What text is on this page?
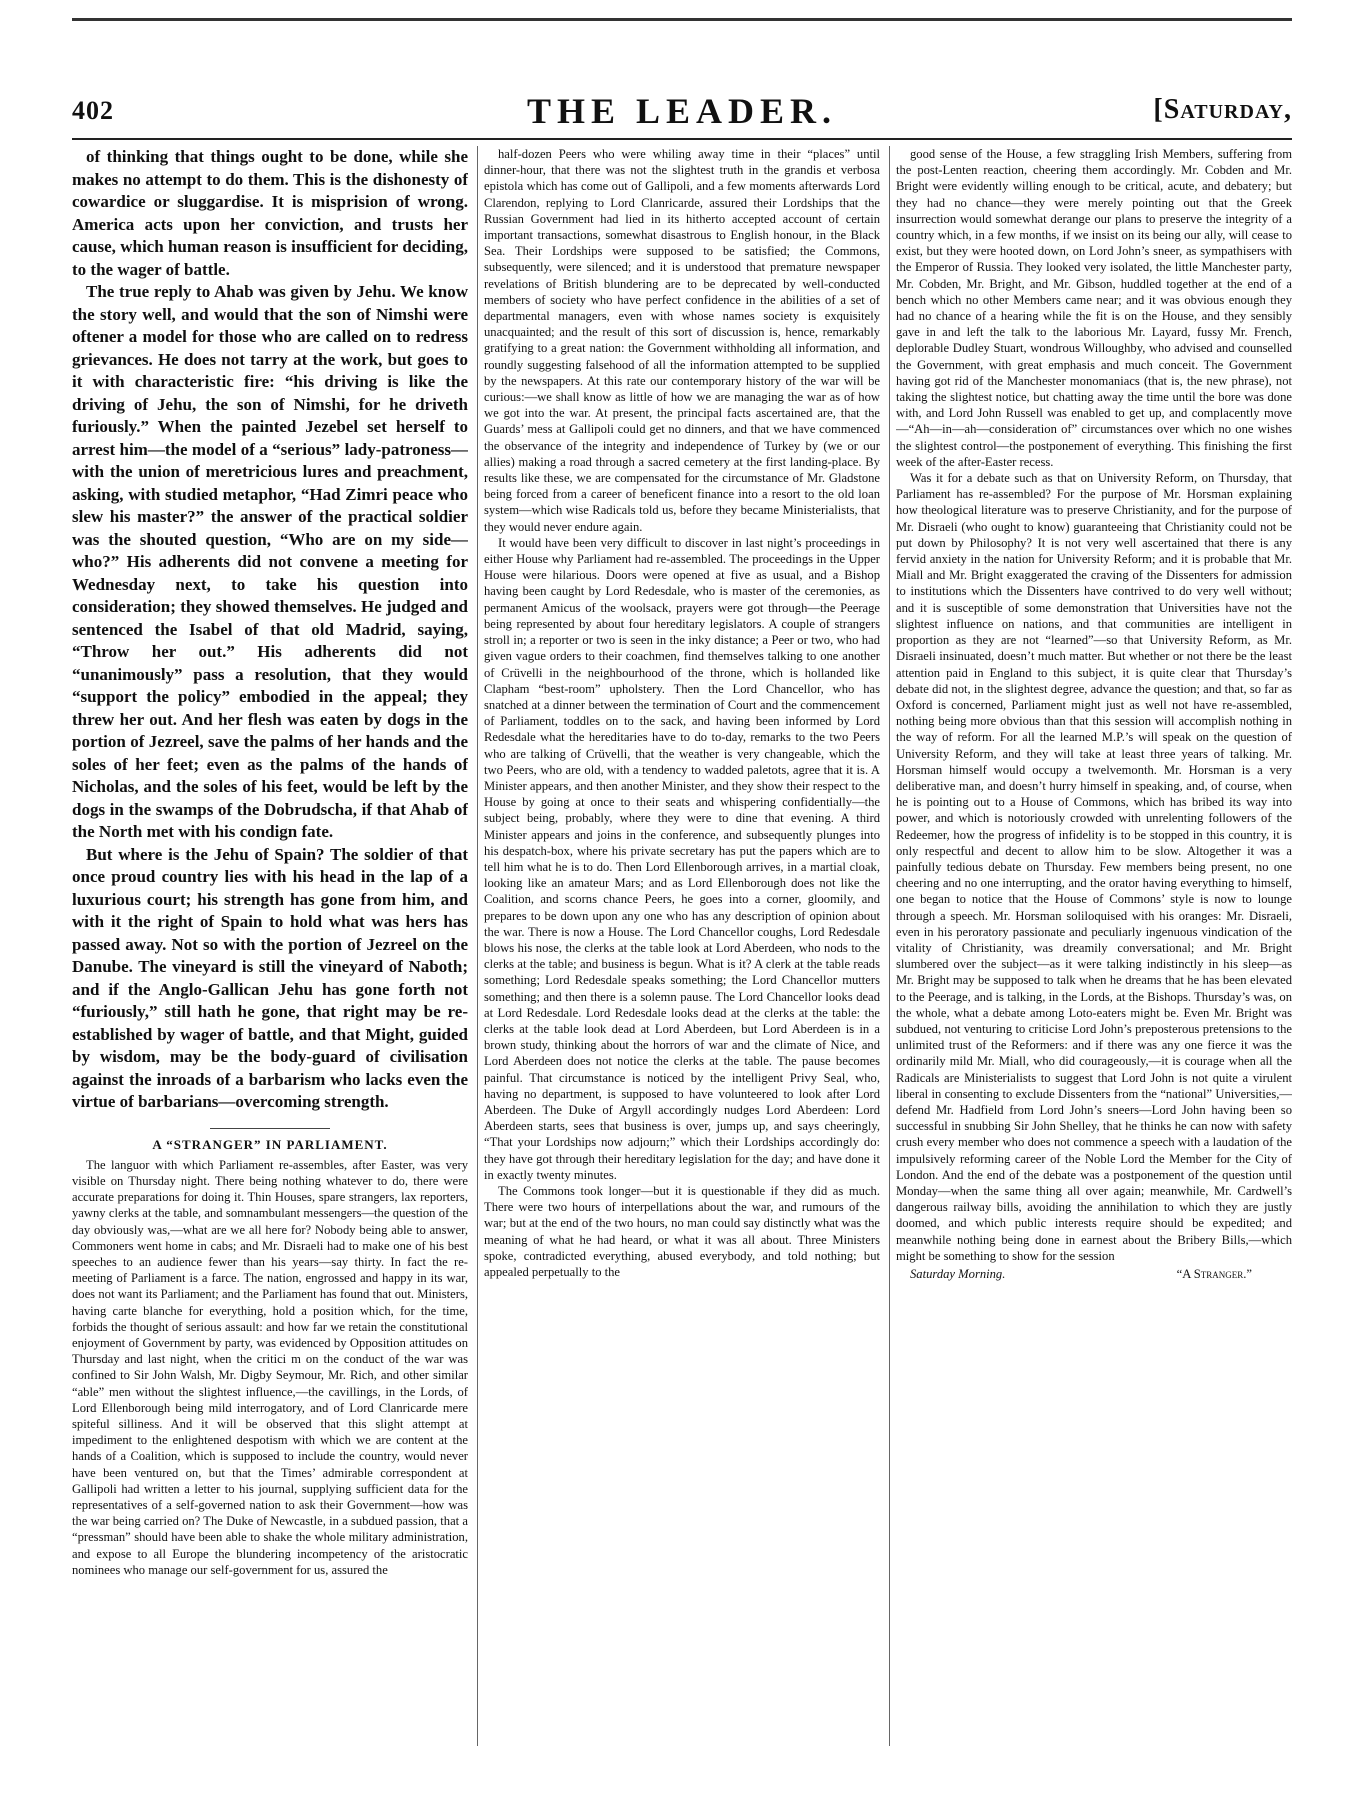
402	THE LEADER.	[Saturday,

of thinking that things ought to be done, while she makes no attempt to do them. This is the dishonesty of cowardice or sluggardise. It is misprision of wrong. America acts upon her conviction, and trusts her cause, which human reason is insufficient for deciding, to the wager of battle.

The true reply to Ahab was given by Jehu. We know the story well, and would that the son of Nimshi were oftener a model for those who are called on to redress grievances. He does not tarry at the work, but goes to it with characteristic fire: “his driving is like the driving of Jehu, the son of Nimshi, for he driveth furiously.” When the painted Jezebel set herself to arrest him—the model of a “serious” lady-patroness—with the union of meretricious lures and preachment, asking, with studied metaphor, “Had Zimri peace who slew his master?” the answer of the practical soldier was the shouted question, “Who are on my side—who?” His adherents did not convene a meeting for Wednesday next, to take his question into consideration; they showed themselves. He judged and sentenced the Isabel of that old Madrid, saying, “Throw her out.” His adherents did not “unanimously” pass a resolution, that they would “support the policy” embodied in the appeal; they threw her out. And her flesh was eaten by dogs in the portion of Jezreel, save the palms of her hands and the soles of her feet; even as the palms of the hands of Nicholas, and the soles of his feet, would be left by the dogs in the swamps of the Dobrudscha, if that Ahab of the North met with his condign fate.

But where is the Jehu of Spain? The soldier of that once proud country lies with his head in the lap of a luxurious court; his strength has gone from him, and with it the right of Spain to hold what was hers has passed away. Not so with the portion of Jezreel on the Danube. The vineyard is still the vineyard of Naboth; and if the Anglo-Gallican Jehu has gone forth not “furiously,” still hath he gone, that right may be re-established by wager of battle, and that Might, guided by wisdom, may be the body-guard of civilisation against the inroads of a barbarism who lacks even the virtue of barbarians—overcoming strength.

A “STRANGER” IN PARLIAMENT.

The languor with which Parliament re-assembles, after Easter, was very visible on Thursday night. There being nothing whatever to do, there were accurate preparations for doing it. Thin Houses, spare strangers, lax reporters, yawny clerks at the table, and somnambulant messengers—the question of the day obviously was,—what are we all here for? Nobody being able to answer, Commoners went home in cabs; and Mr. Disraeli had to make one of his best speeches to an audience fewer than his years—say thirty. In fact the re-meeting of Parliament is a farce. The nation, engrossed and happy in its war, does not want its Parliament; and the Parliament has found that out. Ministers, having carte blanche for everything, hold a position which, for the time, forbids the thought of serious assault: and how far we retain the constitutional enjoyment of Government by party, was evidenced by Opposition attitudes on Thursday and last night, when the critici m on the conduct of the war was confined to Sir John Walsh, Mr. Digby Seymour, Mr. Rich, and other similar “able” men without the slightest influence,—the cavillings, in the Lords, of Lord Ellenborough being mild interrogatory, and of Lord Clanricarde mere spiteful silliness. And it will be observed that this slight attempt at impediment to the enlightened despotism with which we are content at the hands of a Coalition, which is supposed to include the country, would never have been ventured on, but that the Times’ admirable correspondent at Gallipoli had written a letter to his journal, supplying sufficient data for the representatives of a self-governed nation to ask their Government—how was the war being carried on? The Duke of Newcastle, in a subdued passion, that a “pressman” should have been able to shake the whole military administration, and expose to all Europe the blundering incompetency of the aristocratic nominees who manage our self-government for us, assured the

half-dozen Peers who were whiling away time in their “places” until dinner-hour, that there was not the slightest truth in the grandis et verbosa epistola which has come out of Gallipoli, and a few moments afterwards Lord Clarendon, replying to Lord Clanricarde, assured their Lordships that the Russian Government had lied in its hitherto accepted account of certain important transactions, somewhat disastrous to English honour, in the Black Sea. Their Lordships were supposed to be satisfied; the Commons, subsequently, were silenced; and it is understood that premature newspaper revelations of British blundering are to be deprecated by well-conducted members of society who have perfect confidence in the abilities of a set of departmental managers, even with whose names society is exquisitely unacquainted; and the result of this sort of discussion is, hence, remarkably gratifying to a great nation: the Government withholding all information, and roundly suggesting falsehood of all the information attempted to be supplied by the newspapers. At this rate our contemporary history of the war will be curious:—we shall know as little of how we are managing the war as of how we got into the war. At present, the principal facts ascertained are, that the Guards’ mess at Gallipoli could get no dinners, and that we have commenced the observance of the integrity and independence of Turkey by (we or our allies) making a road through a sacred cemetery at the first landing-place. By results like these, we are compensated for the circumstance of Mr. Gladstone being forced from a career of beneficent finance into a resort to the old loan system—which wise Radicals told us, before they became Ministerialists, that they would never endure again.

It would have been very difficult to discover in last night’s proceedings in either House why Parliament had re-assembled. The proceedings in the Upper House were hilarious. Doors were opened at five as usual, and a Bishop having been caught by Lord Redesdale, who is master of the ceremonies, as permanent Amicus of the woolsack, prayers were got through—the Peerage being represented by about four hereditary legislators. A couple of strangers stroll in; a reporter or two is seen in the inky distance; a Peer or two, who had given vague orders to their coachmen, find themselves talking to one another of Crüvelli in the neighbourhood of the throne, which is hollanded like Clapham “best-room” upholstery. Then the Lord Chancellor, who has snatched at a dinner between the termination of Court and the commencement of Parliament, toddles on to the sack, and having been informed by Lord Redesdale what the hereditaries have to do to-day, remarks to the two Peers who are talking of Crüvelli, that the weather is very changeable, which the two Peers, who are old, with a tendency to wadded paletots, agree that it is. A Minister appears, and then another Minister, and they show their respect to the House by going at once to their seats and whispering confidentially—the subject being, probably, where they were to dine that evening. A third Minister appears and joins in the conference, and subsequently plunges into his despatch-box, where his private secretary has put the papers which are to tell him what he is to do. Then Lord Ellenborough arrives, in a martial cloak, looking like an amateur Mars; and as Lord Ellenborough does not like the Coalition, and scorns chance Peers, he goes into a corner, gloomily, and prepares to be down upon any one who has any description of opinion about the war. There is now a House. The Lord Chancellor coughs, Lord Redesdale blows his nose, the clerks at the table look at Lord Aberdeen, who nods to the clerks at the table; and business is begun. What is it? A clerk at the table reads something; Lord Redesdale speaks something; the Lord Chancellor mutters something; and then there is a solemn pause. The Lord Chancellor looks dead at Lord Redesdale. Lord Redesdale looks dead at the clerks at the table: the clerks at the table look dead at Lord Aberdeen, but Lord Aberdeen is in a brown study, thinking about the horrors of war and the climate of Nice, and Lord Aberdeen does not notice the clerks at the table. The pause becomes painful. That circumstance is noticed by the intelligent Privy Seal, who, having no department, is supposed to have volunteered to look after Lord Aberdeen. The Duke of Argyll accordingly nudges Lord Aberdeen: Lord Aberdeen starts, sees that business is over, jumps up, and says cheeringly, “That your Lordships now adjourn;” which their Lordships accordingly do: they have got through their hereditary legislation for the day; and have done it in exactly twenty minutes.

The Commons took longer—but it is questionable if they did as much. There were two hours of interpellations about the war, and rumours of the war; but at the end of the two hours, no man could say distinctly what was the meaning of what he had heard, or what it was all about. Three Ministers spoke, contradicted everything, abused everybody, and told nothing; but appealed perpetually to the

good sense of the House, a few straggling Irish Members, suffering from the post-Lenten reaction, cheering them accordingly. Mr. Cobden and Mr. Bright were evidently willing enough to be critical, acute, and debatery; but they had no chance—they were merely pointing out that the Greek insurrection would somewhat derange our plans to preserve the integrity of a country which, in a few months, if we insist on its being our ally, will cease to exist, but they were hooted down, on Lord John’s sneer, as sympathisers with the Emperor of Russia. They looked very isolated, the little Manchester party, Mr. Cobden, Mr. Bright, and Mr. Gibson, huddled together at the end of a bench which no other Members came near; and it was obvious enough they had no chance of a hearing while the fit is on the House, and they sensibly gave in and left the talk to the laborious Mr. Layard, fussy Mr. French, deplorable Dudley Stuart, wondrous Willoughby, who advised and counselled the Government, with great emphasis and much conceit. The Government having got rid of the Manchester monomaniacs (that is, the new phrase), not taking the slightest notice, but chatting away the time until the bore was done with, and Lord John Russell was enabled to get up, and complacently move—“Ah—in—ah—consideration of” circumstances over which no one wishes the slightest control—the postponement of everything. This finishing the first week of the after-Easter recess.

Was it for a debate such as that on University Reform, on Thursday, that Parliament has re-assembled? For the purpose of Mr. Horsman explaining how theological literature was to preserve Christianity, and for the purpose of Mr. Disraeli (who ought to know) guaranteeing that Christianity could not be put down by Philosophy? It is not very well ascertained that there is any fervid anxiety in the nation for University Reform; and it is probable that Mr. Miall and Mr. Bright exaggerated the craving of the Dissenters for admission to institutions which the Dissenters have contrived to do very well without; and it is susceptible of some demonstration that Universities have not the slightest influence on nations, and that communities are intelligent in proportion as they are not “learned”—so that University Reform, as Mr. Disraeli insinuated, doesn’t much matter. But whether or not there be the least attention paid in England to this subject, it is quite clear that Thursday’s debate did not, in the slightest degree, advance the question; and that, so far as Oxford is concerned, Parliament might just as well not have re-assembled, nothing being more obvious than that this session will accomplish nothing in the way of reform. For all the learned M.P.’s will speak on the question of University Reform, and they will take at least three years of talking. Mr. Horsman himself would occupy a twelvemonth. Mr. Horsman is a very deliberative man, and doesn’t hurry himself in speaking, and, of course, when he is pointing out to a House of Commons, which has bribed its way into power, and which is notoriously crowded with unrelenting followers of the Redeemer, how the progress of infidelity is to be stopped in this country, it is only respectful and decent to allow him to be slow. Altogether it was a painfully tedious debate on Thursday. Few members being present, no one cheering and no one interrupting, and the orator having everything to himself, one began to notice that the House of Commons’ style is now to lounge through a speech. Mr. Horsman soliloquised with his oranges: Mr. Disraeli, even in his peroratory passionate and peculiarly ingenuous vindication of the vitality of Christianity, was dreamily conversational; and Mr. Bright slumbered over the subject—as it were talking indistinctly in his sleep—as Mr. Bright may be supposed to talk when he dreams that he has been elevated to the Peerage, and is talking, in the Lords, at the Bishops. Thursday’s was, on the whole, what a debate among Loto-eaters might be. Even Mr. Bright was subdued, not venturing to criticise Lord John’s preposterous pretensions to the unlimited trust of the Reformers: and if there was any one fierce it was the ordinarily mild Mr. Miall, who did courageously,—it is courage when all the Radicals are Ministerialists to suggest that Lord John is not quite a virulent liberal in consenting to exclude Dissenters from the “national” Universities,—defend Mr. Hadfield from Lord John’s sneers—Lord John having been so successful in snubbing Sir John Shelley, that he thinks he can now with safety crush every member who does not commence a speech with a laudation of the impulsively reforming career of the Noble Lord the Member for the City of London. And the end of the debate was a postponement of the question until Monday—when the same thing all over again; meanwhile, Mr. Cardwell’s dangerous railway bills, avoiding the annihilation to which they are justly doomed, and which public interests require should be expedited; and meanwhile nothing being done in earnest about the Bribery Bills,—which might be something to show for the session

Saturday Morning.	“A Stranger.”
